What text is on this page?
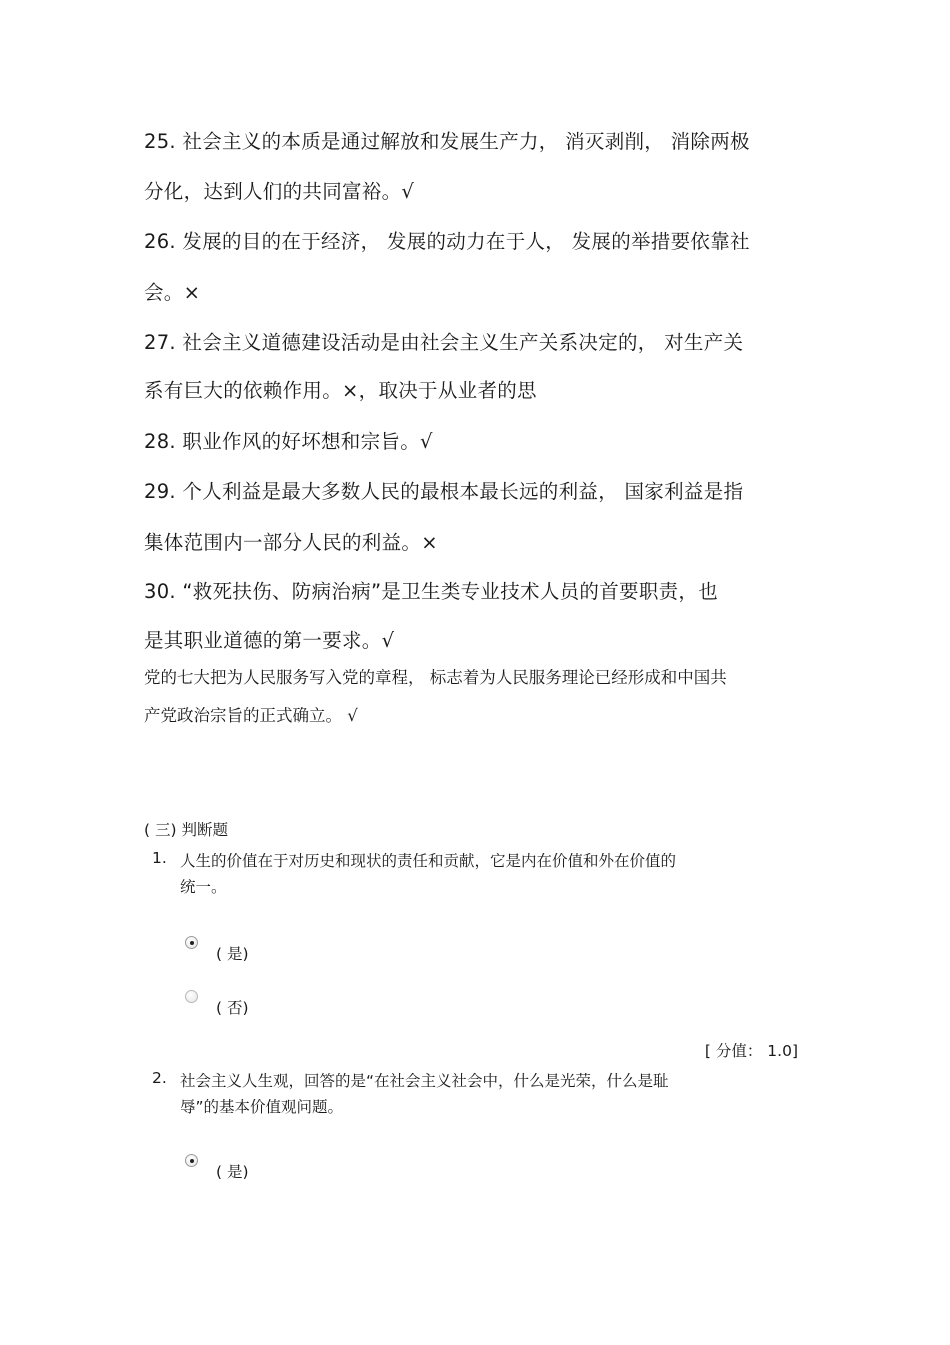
25. 社会主义的本质是通过解放和发展生产力， 消灭剥削， 消除两极
分化，达到人们的共同富裕。√
26. 发展的目的在于经济， 发展的动力在于人， 发展的举措要依靠社
会。×
27. 社会主义道德建设活动是由社会主义生产关系决定的， 对生产关
系有巨大的依赖作用。×，取决于从业者的思
28. 职业作风的好坏想和宗旨。√
29. 个人利益是最大多数人民的最根本最长远的利益， 国家利益是指
集体范围内一部分人民的利益。×
30. “救死扶伤、防病治病”是卫生类专业技术人员的首要职责，也
是其职业道德的第一要求。√
党的七大把为人民服务写入党的章程， 标志着为人民服务理论已经形成和中国共
产党政治宗旨的正式确立。 √
( 三) 判断题
1. 人生的价值在于对历史和现状的责任和贡献，它是内在价值和外在价值的
统一。
( 是)
( 否)
[ 分值： 1.0]
2. 社会主义人生观，回答的是“在社会主义社会中，什么是光荣，什么是耻
辱”的基本价值观问题。
( 是)
